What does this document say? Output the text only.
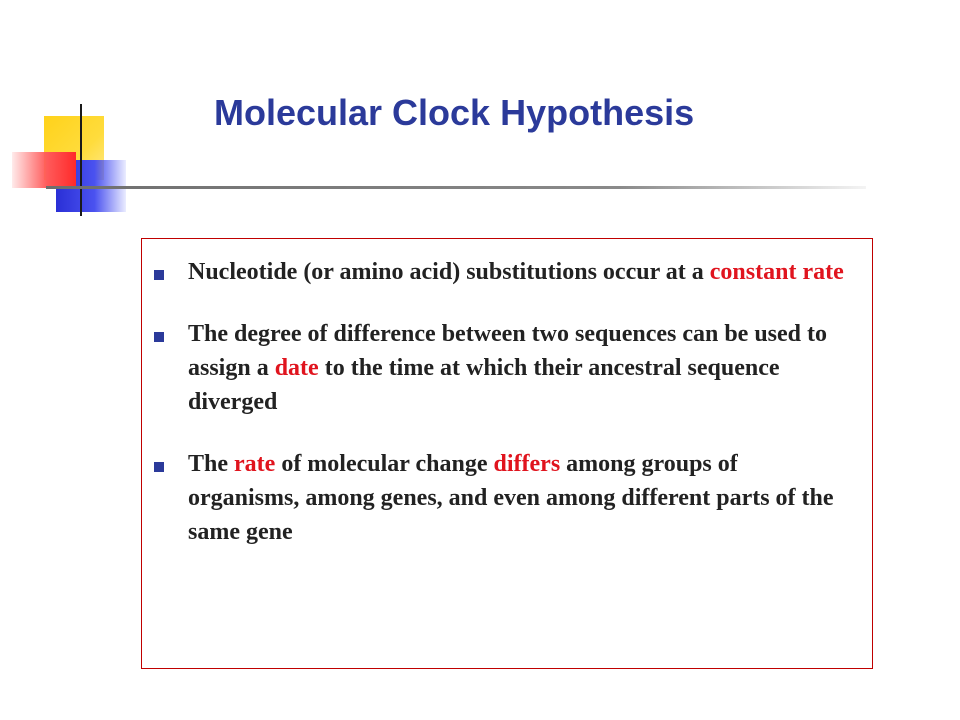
Molecular Clock Hypothesis
Nucleotide (or amino acid) substitutions occur at a constant rate
The degree of difference between two sequences can be used to assign a date to the time at which their ancestral sequence diverged
The rate of molecular change differs among groups of organisms, among genes, and even among different parts of the same gene
